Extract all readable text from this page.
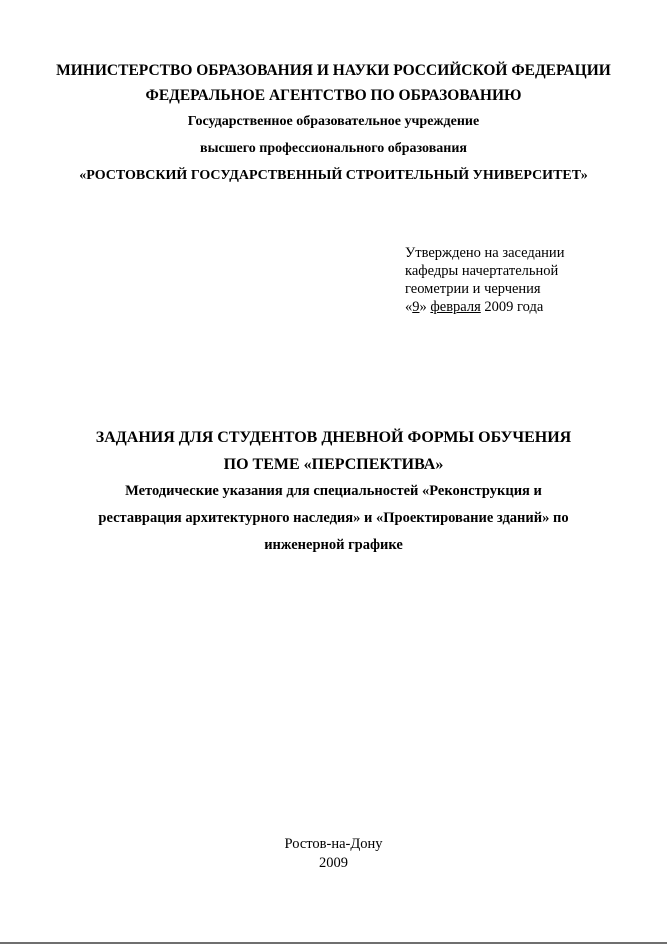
МИНИСТЕРСТВО ОБРАЗОВАНИЯ И НАУКИ РОССИЙСКОЙ ФЕДЕРАЦИИ
ФЕДЕРАЛЬНОЕ АГЕНТСТВО ПО ОБРАЗОВАНИЮ
Государственное образовательное учреждение
высшего профессионального образования
«РОСТОВСКИЙ ГОСУДАРСТВЕННЫЙ СТРОИТЕЛЬНЫЙ УНИВЕРСИТЕТ»
Утверждено на заседании
кафедры начертательной
геометрии и черчения
«9» февраля 2009 года
ЗАДАНИЯ ДЛЯ СТУДЕНТОВ ДНЕВНОЙ ФОРМЫ ОБУЧЕНИЯ
ПО ТЕМЕ «ПЕРСПЕКТИВА»
Методические указания для специальностей «Реконструкция и
реставрация архитектурного наследия» и «Проектирование зданий» по
инженерной графике
Ростов-на-Дону
2009
